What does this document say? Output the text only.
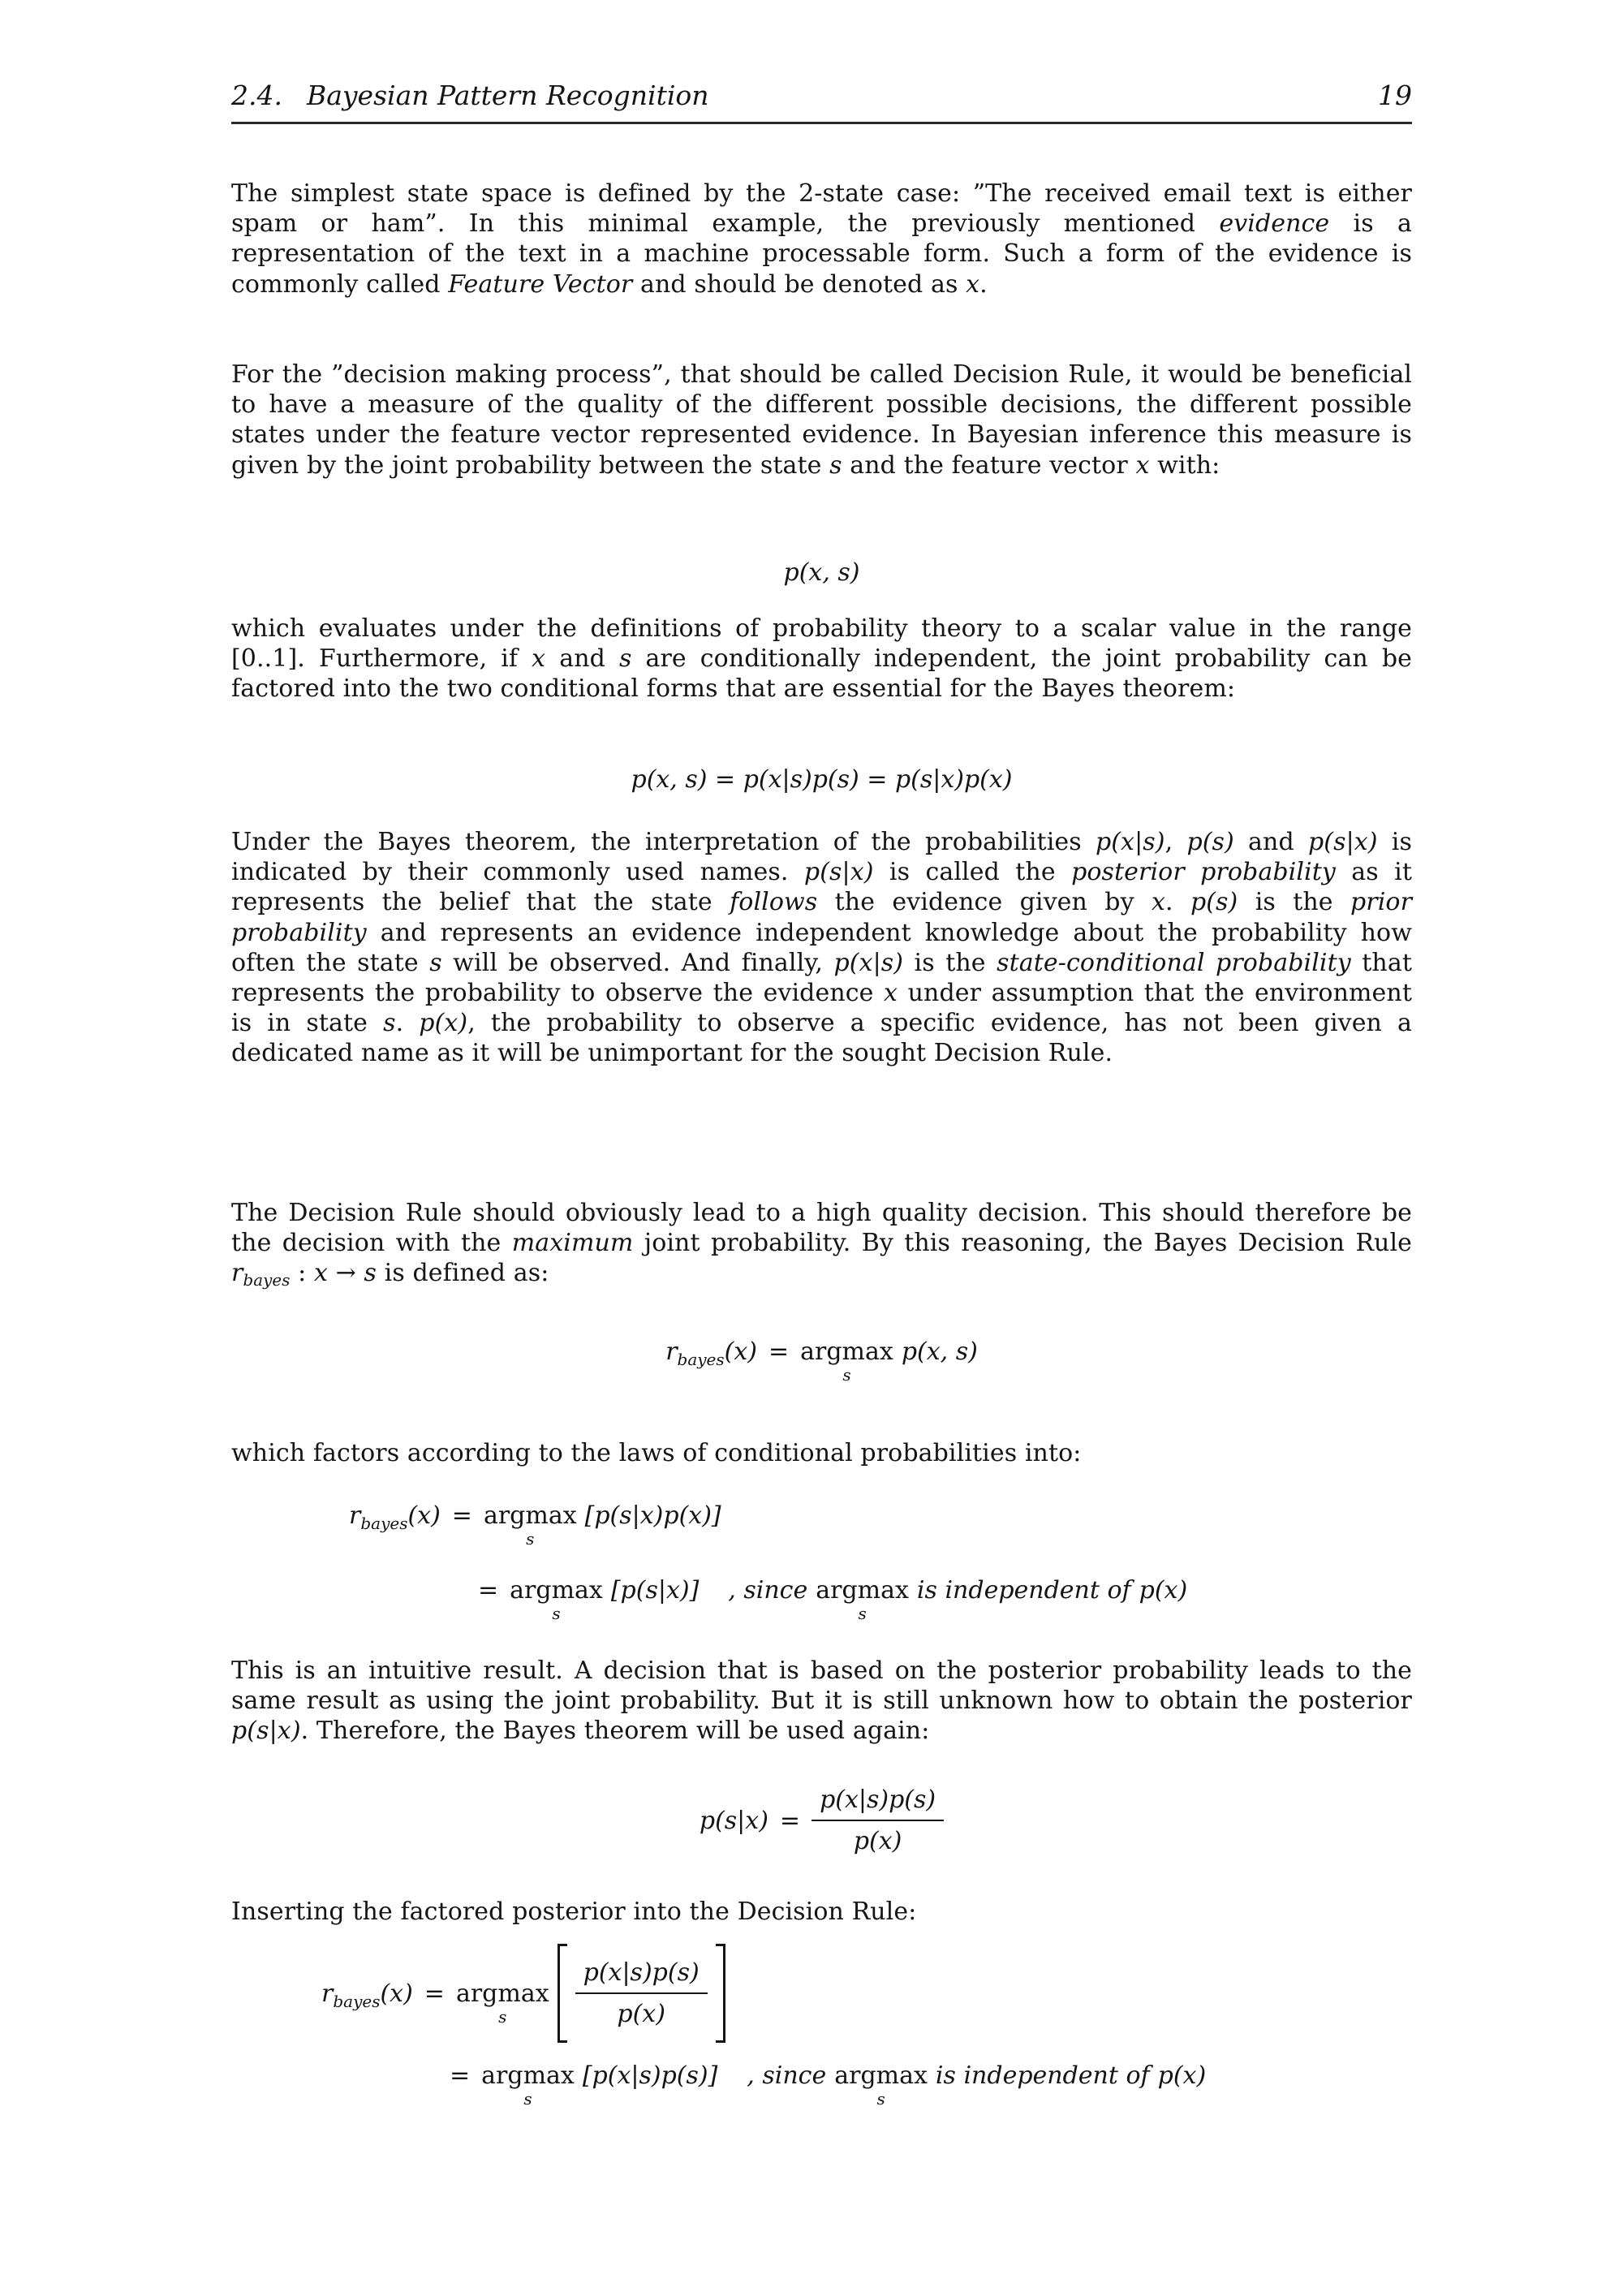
2.4. Bayesian Pattern Recognition	19

The simplest state space is defined by the 2-state case: ”The received email text is either spam or ham”. In this minimal example, the previously mentioned evidence is a representation of the text in a machine processable form. Such a form of the evidence is commonly called Feature Vector and should be denoted as x.

For the ”decision making process”, that should be called Decision Rule, it would be beneficial to have a measure of the quality of the different possible decisions, the different possible states under the feature vector represented evidence. In Bayesian inference this measure is given by the joint probability between the state s and the feature vector x with:

p(x, s)

which evaluates under the definitions of probability theory to a scalar value in the range [0..1]. Furthermore, if x and s are conditionally independent, the joint probability can be factored into the two conditional forms that are essential for the Bayes theorem:

p(x, s) = p(x|s)p(s) = p(s|x)p(x)

Under the Bayes theorem, the interpretation of the probabilities p(x|s), p(s) and p(s|x) is indicated by their commonly used names. p(s|x) is called the posterior probability as it represents the belief that the state follows the evidence given by x. p(s) is the prior probability and represents an evidence independent knowledge about the probability how often the state s will be observed. And finally, p(x|s) is the state-conditional probability that represents the probability to observe the evidence x under assumption that the environment is in state s. p(x), the probability to observe a specific evidence, has not been given a dedicated name as it will be unimportant for the sought Decision Rule.

The Decision Rule should obviously lead to a high quality decision. This should therefore be the decision with the maximum joint probability. By this reasoning, the Bayes Decision Rule rbayes : x → s is defined as:

$r_{bayes}(x) = argmax$
s
p(x, s)

which factors according to the laws of conditional probabilities into:

$r_{bayes}(x) = argmax$
s
[p(s|x)p(x)]
= argmax
s
[p(s|x)] , since argmax
s
is independent of p(x)

This is an intuitive result. A decision that is based on the posterior probability leads to the same result as using the joint probability. But it is still unknown how to obtain the posterior p(s|x). Therefore, the Bayes theorem will be used again:

$p(s|x) = \frac{p(x|s)p(s)}{p(x)}$

Inserting the factored posterior into the Decision Rule:

$r_{bayes}(x) = argmax$
s	$\frac{p(x|s)p(s)}{p(x)}$
= argmax
s
[p(x|s)p(s)] , since argmax
s
is independent of p(x)
